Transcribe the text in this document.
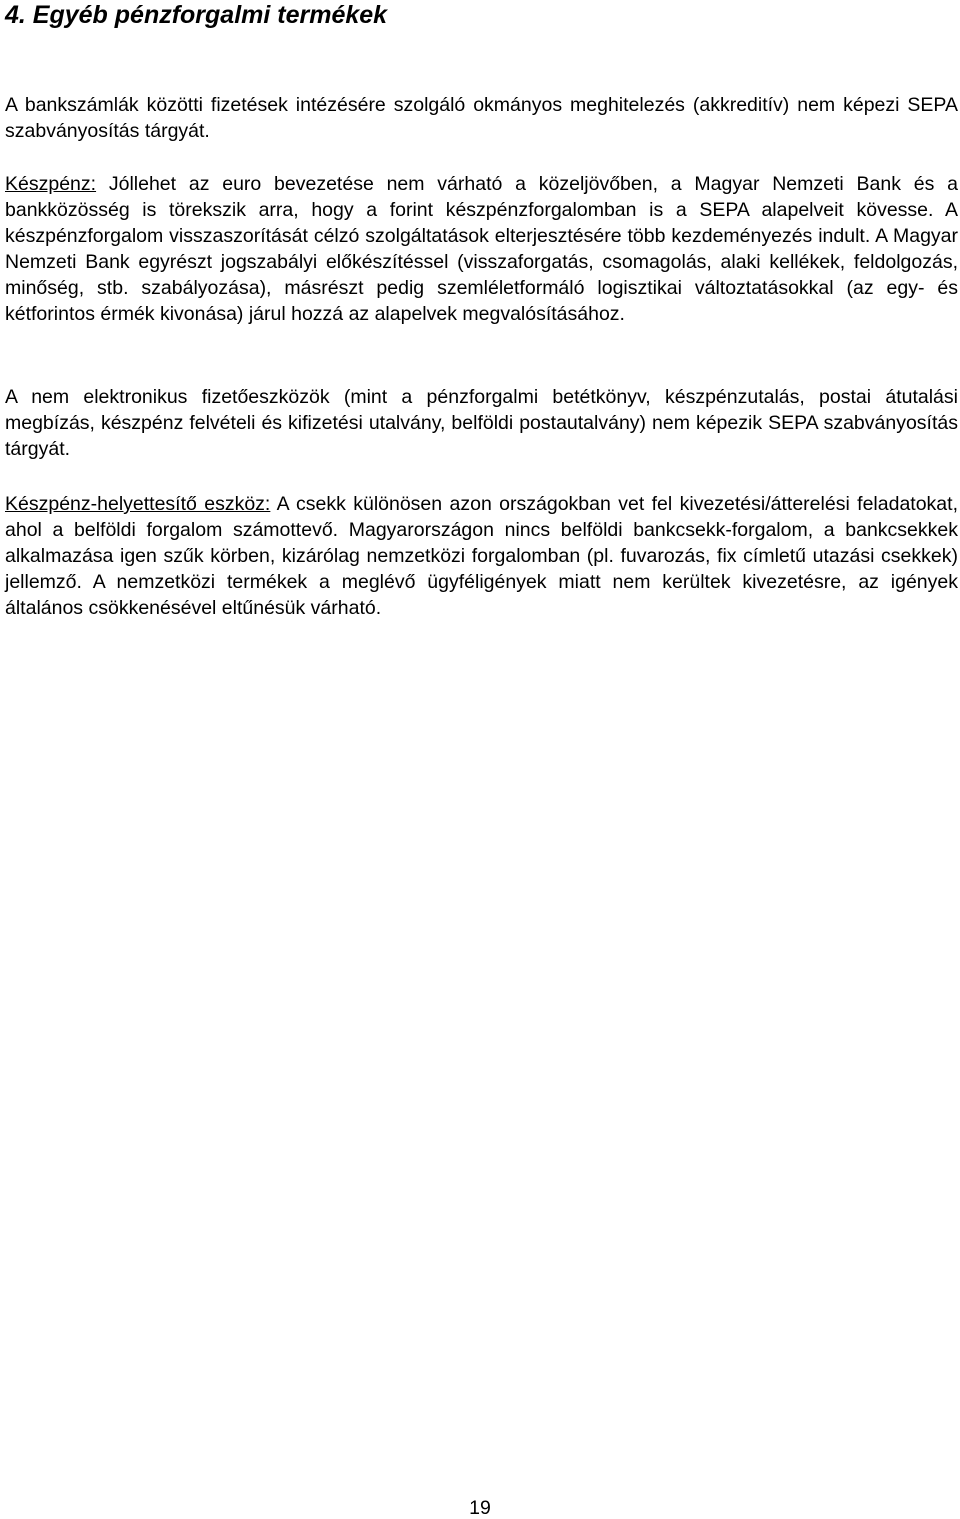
4. Egyéb pénzforgalmi termékek

A bankszámlák közötti fizetések intézésére szolgáló okmányos meghitelezés (akkreditív) nem képezi SEPA szabványosítás tárgyát.

Készpénz: Jóllehet az euro bevezetése nem várható a közeljövőben, a Magyar Nemzeti Bank és a bankközösség is törekszik arra, hogy a forint készpénzforgalomban is a SEPA alapelveit kövesse. A készpénzforgalom visszaszorítását célzó szolgáltatások elterjesztésére több kezdeményezés indult. A Magyar Nemzeti Bank egyrészt jogszabályi előkészítéssel (visszaforgatás, csomagolás, alaki kellékek, feldolgozás, minőség, stb. szabályozása), másrészt pedig szemléletformáló logisztikai változtatásokkal (az egy- és kétforintos érmék kivonása) járul hozzá az alapelvek megvalósításához.

A nem elektronikus fizetőeszközök (mint a pénzforgalmi betétkönyv, készpénzutalás, postai átutalási megbízás, készpénz felvételi és kifizetési utalvány, belföldi postautalvány) nem képezik SEPA szabványosítás tárgyát.

Készpénz-helyettesítő eszköz: A csekk különösen azon országokban vet fel kivezetési/átterelési feladatokat, ahol a belföldi forgalom számottevő. Magyarországon nincs belföldi bankcsekk-forgalom, a bankcsekkek alkalmazása igen szűk körben, kizárólag nemzetközi forgalomban (pl. fuvarozás, fix címletű utazási csekkek) jellemző. A nemzetközi termékek a meglévő ügyféligények miatt nem kerültek kivezetésre, az igények általános csökkenésével eltűnésük várható.

19
